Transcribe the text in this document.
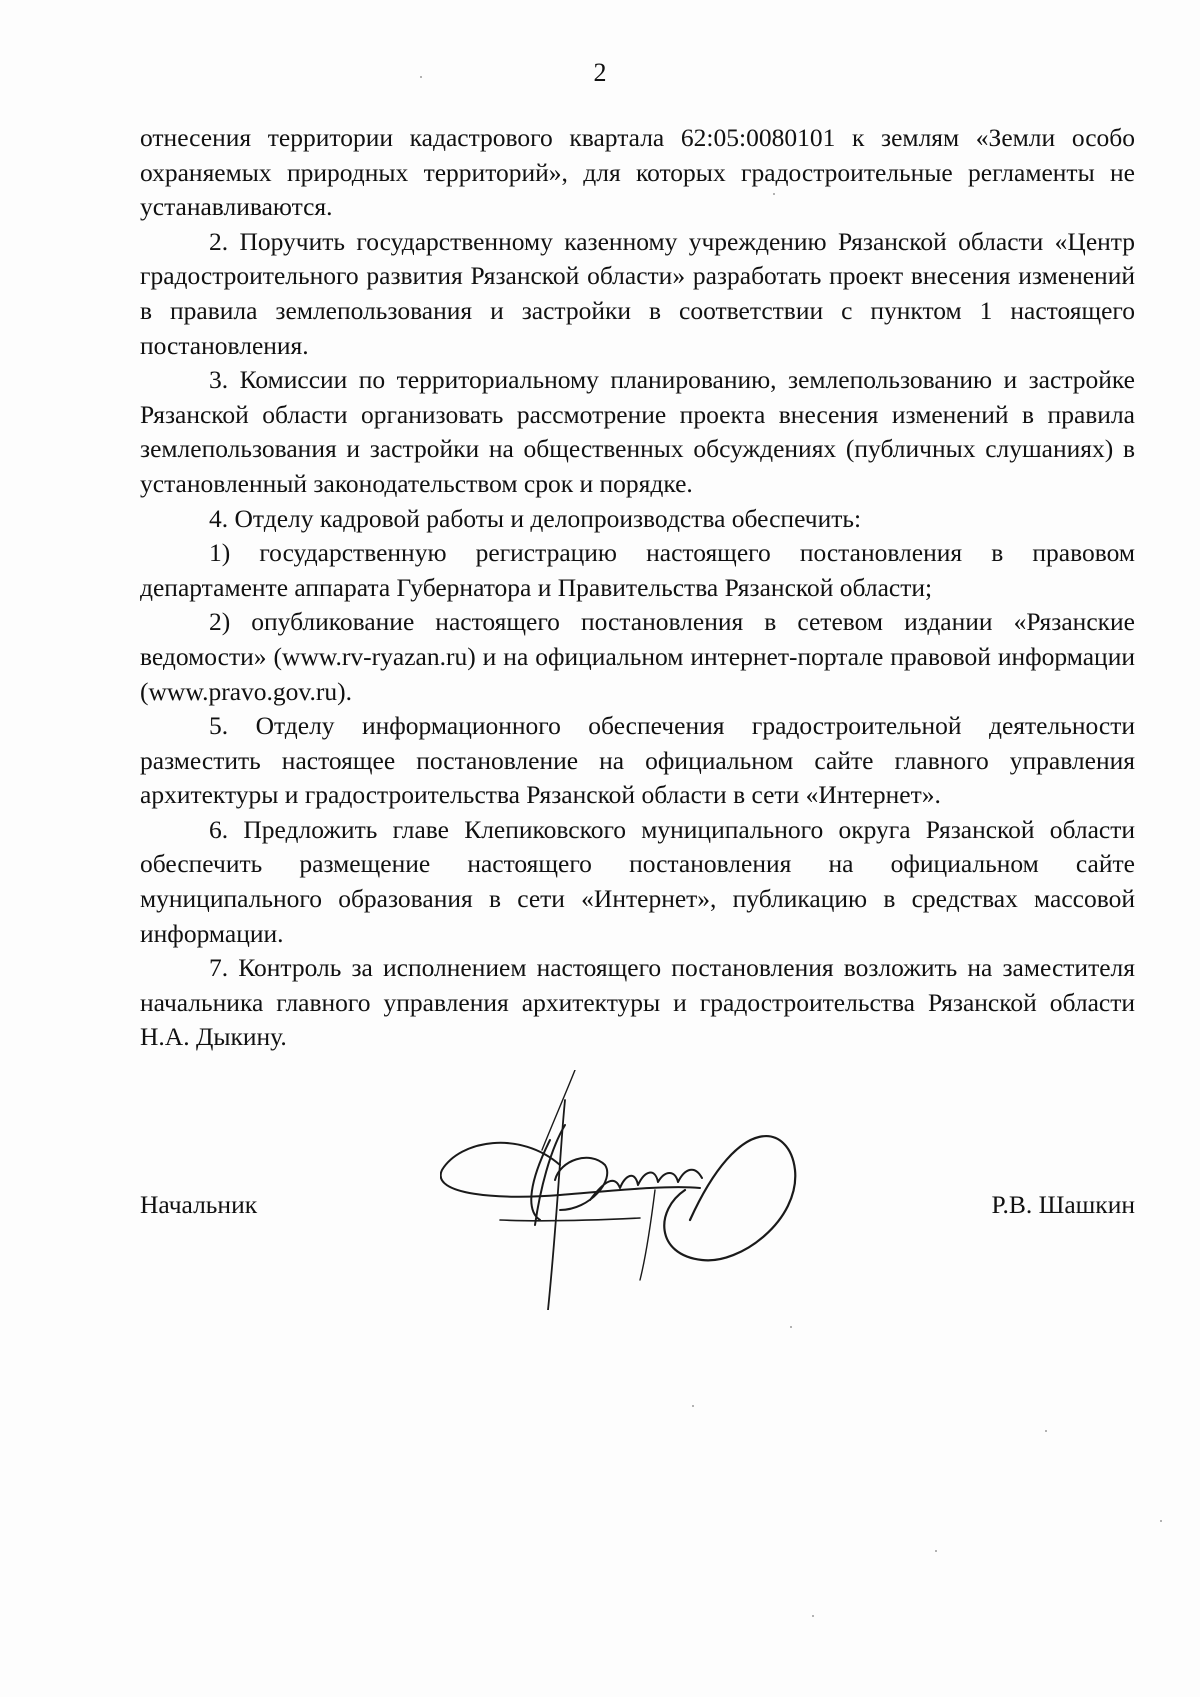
2

отнесения территории кадастрового квартала 62:05:0080101 к землям «Земли особо охраняемых природных территорий», для которых градостроительные регламенты не устанавливаются.

2. Поручить государственному казенному учреждению Рязанской области «Центр градостроительного развития Рязанской области» разработать проект внесения изменений в правила землепользования и застройки в соответствии с пунктом 1 настоящего постановления.

3. Комиссии по территориальному планированию, землепользованию и застройке Рязанской области организовать рассмотрение проекта внесения изменений в правила землепользования и застройки на общественных обсуждениях (публичных слушаниях) в установленный законодательством срок и порядке.

4. Отделу кадровой работы и делопроизводства обеспечить:

1) государственную регистрацию настоящего постановления в правовом департаменте аппарата Губернатора и Правительства Рязанской области;

2) опубликование настоящего постановления в сетевом издании «Рязанские ведомости» (www.rv-ryazan.ru) и на официальном интернет-портале правовой информации (www.pravo.gov.ru).

5. Отделу информационного обеспечения градостроительной деятельности разместить настоящее постановление на официальном сайте главного управления архитектуры и градостроительства Рязанской области в сети «Интернет».

6. Предложить главе Клепиковского муниципального округа Рязанской области обеспечить размещение настоящего постановления на официальном сайте муниципального образования в сети «Интернет», публикацию в средствах массовой информации.

7. Контроль за исполнением настоящего постановления возложить на заместителя начальника главного управления архитектуры и градостроительства Рязанской области Н.А. Дыкину.

Начальник	Р.В. Шашкин
